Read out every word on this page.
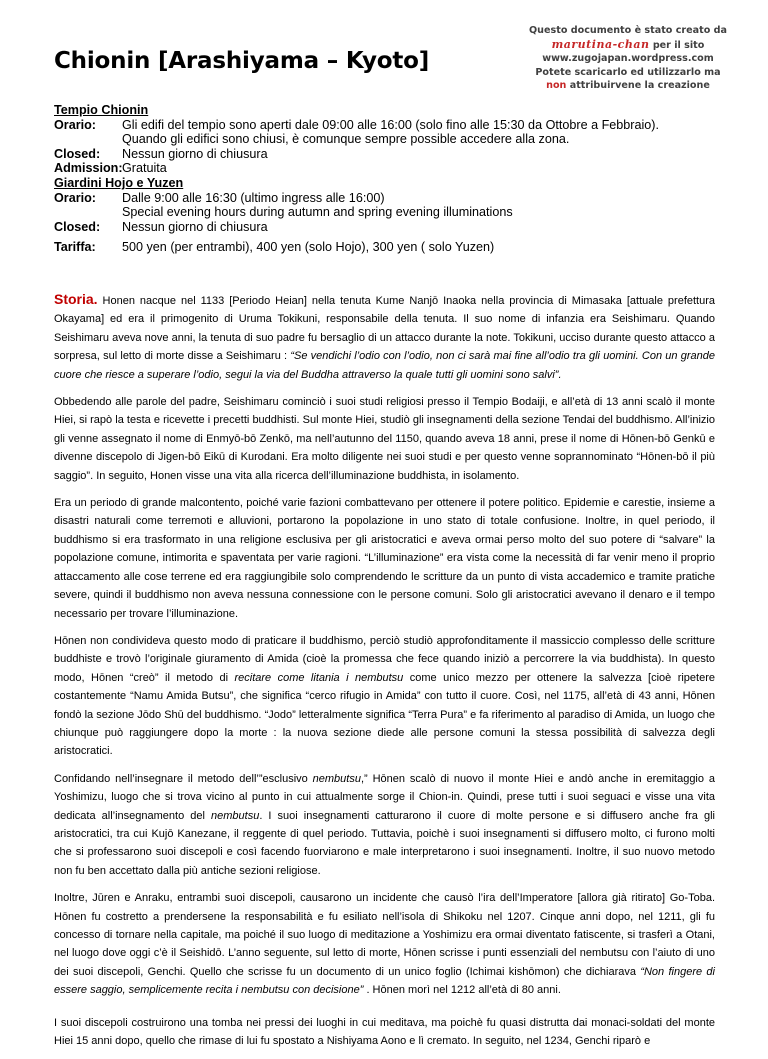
Chionin [Arashiyama – Kyoto]
Questo documento è stato creato da
marutina-chan per il sito
www.zugojapan.wordpress.com
Potete scaricarlo ed utilizzarlo ma
non attribuirvene la creazione
Tempio Chionin
Orario:	Gli edifi del tempio sono aperti dale 09:00 alle 16:00 (solo fino alle 15:30 da Ottobre a Febbraio).
Quando gli edifici sono chiusi, è comunque sempre possible accedere alla zona.
Closed:	Nessun giorno di chiusura
Admission: Gratuita
Giardini Hojo e Yuzen
Orario:	Dalle 9:00 alle 16:30 (ultimo ingress alle 16:00)
Special evening hours during autumn and spring evening illuminations
Closed:	Nessun giorno di chiusura
Tariffa:	500 yen (per entrambi), 400 yen (solo Hojo), 300 yen ( solo Yuzen)

Storia. Honen nacque nel 1133 [Periodo Heian] nella tenuta Kume Nanjō Inaoka nella provincia di Mimasaka [attuale prefettura Okayama] ed era il primogenito di Uruma Tokikuni, responsabile della tenuta. Il suo nome di infanzia era Seishimaru. Quando Seishimaru aveva nove anni, la tenuta di suo padre fu bersaglio di un attacco durante la note. Tokikuni, ucciso durante questo attacco a sorpresa, sul letto di morte disse a Seishimaru : “Se vendichi l’odio con l’odio, non ci sarà mai fine all’odio tra gli uomini. Con un grande cuore che riesce a superare l’odio, segui la via del Buddha attraverso la quale tutti gli uomini sono salvi”.

Obbedendo alle parole del padre, Seishimaru cominciò i suoi studi religiosi presso il Tempio Bodaiji, e all’età di 13 anni scalò il monte Hiei, si rapò la testa e ricevette i precetti buddhisti. Sul monte Hiei, studiò gli insegnamenti della sezione Tendai del buddhismo. All’inizio gli venne assegnato il nome di Enmyō-bō Zenkō, ma nell’autunno del 1150, quando aveva 18 anni, prese il nome di Hōnen-bō Genkū e divenne discepolo di Jigen-bō Eikū di Kurodani. Era molto diligente nei suoi studi e per questo venne soprannominato “Hōnen-bō il più saggio”. In seguito, Honen visse una vita alla ricerca dell’illuminazione buddhista, in isolamento.

Era un periodo di grande malcontento, poiché varie fazioni combattevano per ottenere il potere politico. Epidemie e carestie, insieme a disastri naturali come terremoti e alluvioni, portarono la popolazione in uno stato di totale confusione. Inoltre, in quel periodo, il buddhismo si era trasformato in una religione esclusiva per gli aristocratici e aveva ormai perso molto del suo potere di “salvare” la popolazione comune, intimorita e spaventata per varie ragioni. “L’illuminazione” era vista come la necessità di far venir meno il proprio attaccamento alle cose terrene ed era raggiungibile solo comprendendo le scritture da un punto di vista accademico e tramite pratiche severe, quindi il buddhismo non aveva nessuna connessione con le persone comuni. Solo gli aristocratici avevano il denaro e il tempo necessario per trovare l’illuminazione.

Hōnen non condivideva questo modo di praticare il buddhismo, perciò studiò approfonditamente il massiccio complesso delle scritture buddhiste e trovò l’originale giuramento di Amida (cioè la promessa che fece quando iniziò a percorrere la via buddhista). In questo modo, Hōnen “creò” il metodo di recitare come litania i nembutsu come unico mezzo per ottenere la salvezza [cioè ripetere costantemente “Namu Amida Butsu”, che significa “cerco rifugio in Amida” con tutto il cuore. Così, nel 1175, all’età di 43 anni, Hōnen fondò la sezione Jōdo Shū del buddhismo. “Jodo” letteralmente significa “Terra Pura” e fa riferimento al paradiso di Amida, un luogo che chiunque può raggiungere dopo la morte : la nuova sezione diede alle persone comuni la stessa possibilità di salvezza degli aristocratici.

Confidando nell’insegnare il metodo dell’”esclusivo nembutsu,” Hōnen scalò di nuovo il monte Hiei e andò anche in eremitaggio a Yoshimizu, luogo che si trova vicino al punto in cui attualmente sorge il Chion-in. Quindi, prese tutti i suoi seguaci e visse una vita dedicata all’insegnamento del nembutsu. I suoi insegnamenti catturarono il cuore di molte persone e si diffusero anche fra gli aristocratici, tra cui Kujō Kanezane, il reggente di quel periodo. Tuttavia, poichè i suoi insegnamenti si diffusero molto, ci furono molti che si professarono suoi discepoli e così facendo fuorviarono e male interpretarono i suoi insegnamenti. Inoltre, il suo nuovo metodo non fu ben accettato dalla più antiche sezioni religiose.

Inoltre, Jūren e Anraku, entrambi suoi discepoli, causarono un incidente che causò l’ira dell’Imperatore [allora già ritirato] Go-Toba. Hōnen fu costretto a prendersene la responsabilità e fu esiliato nell’isola di Shikoku nel 1207. Cinque anni dopo, nel 1211, gli fu concesso di tornare nella capitale, ma poiché il suo luogo di meditazione a Yoshimizu era ormai diventato fatiscente, si trasferì a Otani, nel luogo dove oggi c’è il Seishidō. L’anno seguente, sul letto di morte, Hōnen scrisse i punti essenziali del nembutsu con l’aiuto di uno dei suoi discepoli, Genchi. Quello che scrisse fu un documento di un unico foglio (Ichimai kishōmon) che dichiarava “Non fingere di essere saggio, semplicemente recita i nembutsu con decisione” . Hōnen morì nel 1212 all’età di 80 anni.

I suoi discepoli costruirono una tomba nei pressi dei luoghi in cui meditava, ma poichè fu quasi distrutta dai monaci-soldati del monte Hiei 15 anni dopo, quello che rimase di lui fu spostato a Nishiyama Aono e lì cremato. In seguito, nel 1234, Genchi riparò e
